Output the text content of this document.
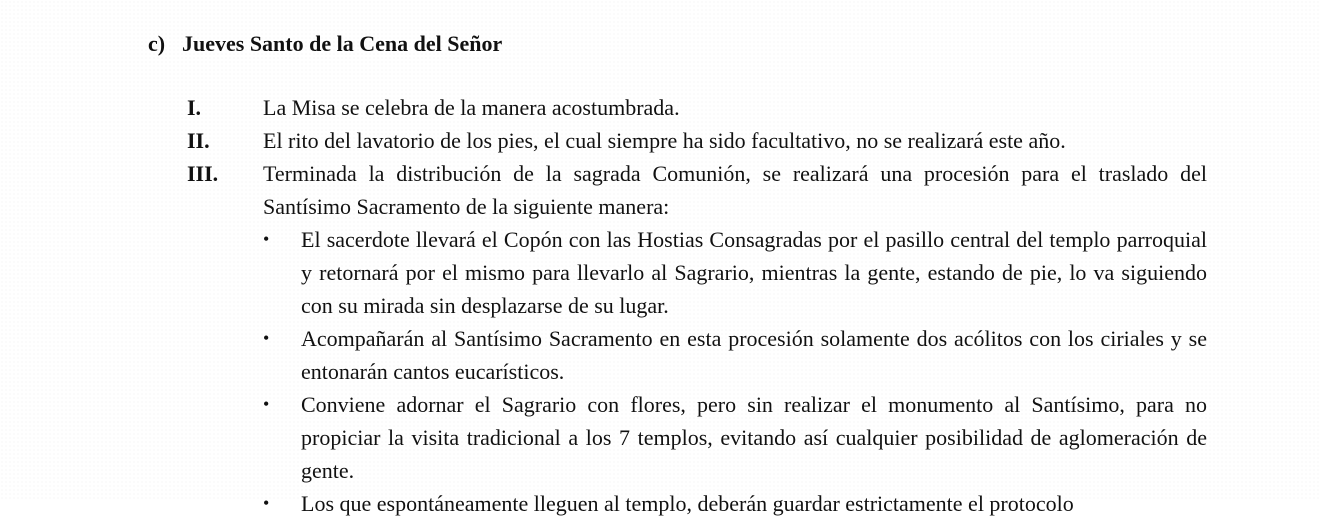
c) Jueves Santo de la Cena del Señor
I.	La Misa se celebra de la manera acostumbrada.
II. El rito del lavatorio de los pies, el cual siempre ha sido facultativo, no se realizará este año.
III. Terminada la distribución de la sagrada Comunión, se realizará una procesión para el traslado del Santísimo Sacramento de la siguiente manera:
•	El sacerdote llevará el Copón con las Hostias Consagradas por el pasillo central del templo parroquial y retornará por el mismo para llevarlo al Sagrario, mientras la gente, estando de pie, lo va siguiendo con su mirada sin desplazarse de su lugar.
•	Acompañarán al Santísimo Sacramento en esta procesión solamente dos acólitos con los ciriales y se entonarán cantos eucarísticos.
•	Conviene adornar el Sagrario con flores, pero sin realizar el monumento al Santísimo, para no propiciar la visita tradicional a los 7 templos, evitando así cualquier posibilidad de aglomeración de gente.
•	Los que espontáneamente lleguen al templo, deberán guardar estrictamente el protocolo
